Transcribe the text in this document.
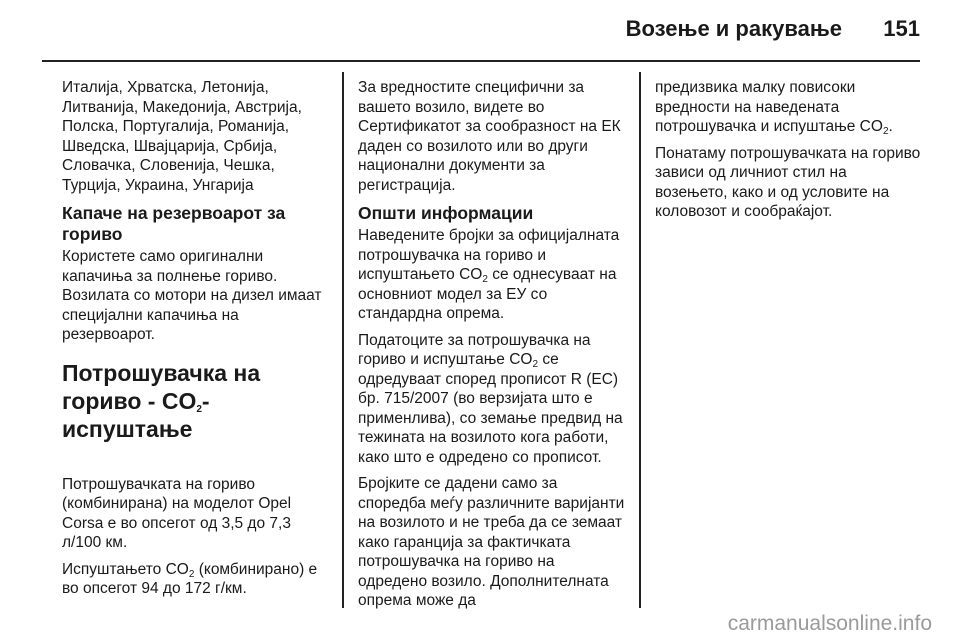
Возење и ракување 151

Италија, Хрватска, Летонија, Литванија, Македонија, Австрија, Полска, Португалија, Романија, Шведска, Швајцарија, Србија, Словачка, Словенија, Чешка, Турција, Украина, Унгарија

Капаче на резервоарот за гориво

Користете само оригинални капачиња за полнење гориво. Возилата со мотори на дизел имаат специјални капачиња на резервоарот.

Потрошувачка на гориво - $CO_2$-испуштање

Потрошувачката на гориво (комбинирана) на моделот Opel Corsa е во опсегот од 3,5 до 7,3 л/100 км.

Испуштањето $CO_2$ (комбинирано) е во опсегот 94 до 172 г/км.

За вредностите специфични за вашето возило, видете во Сертификатот за сообразност на ЕК даден со возилото или во други национални документи за регистрација.

Општи информации

Наведените бројки за официјалната потрошувачка на гориво и испуштањето $CO_2$ се однесуваат на основниот модел за ЕУ со стандардна опрема.

Податоците за потрошувачка на гориво и испуштање $CO_2$ се одредуваат според прописот R (EC) бр. 715/2007 (во верзијата што е применлива), со земање предвид на тежината на возилото кога работи, како што е одредено со прописот.

Бројките се дадени само за споредба меѓу различните варијанти на возилото и не треба да се земаат како гаранција за фактичката потрошувачка на гориво на одредено возило. Дополнителната опрема може да

предизвика малку повисоки вредности на наведената потрошувачка и испуштање $CO_2$.

Понатаму потрошувачката на гориво зависи од личниот стил на возењето, како и од условите на коловозот и сообраќајот.

carmanualsonline.info
